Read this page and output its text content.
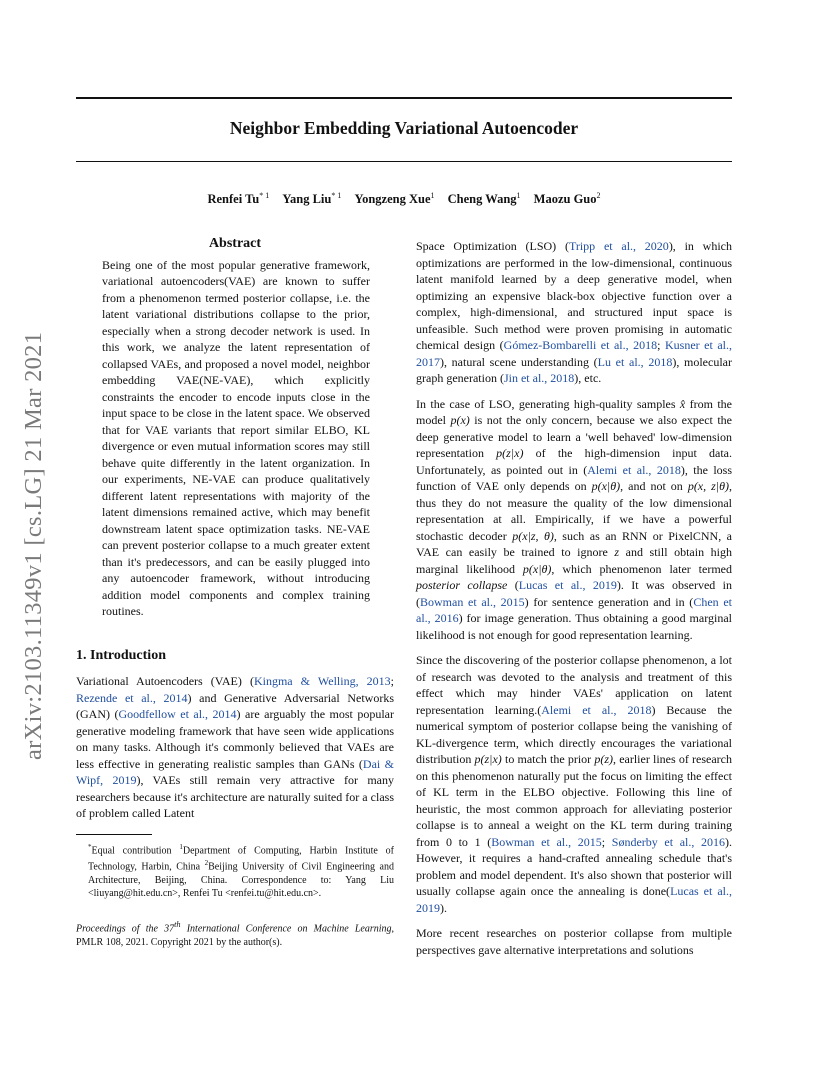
Neighbor Embedding Variational Autoencoder
Renfei Tu$^{* 1}$ Yang Liu$^{* 1}$ Yongzeng Xue$^1$ Cheng Wang$^1$ Maozu Guo$^2$
arXiv:2103.11349v1 [cs.LG] 21 Mar 2021
Abstract
Being one of the most popular generative framework, variational autoencoders(VAE) are known to suffer from a phenomenon termed posterior collapse, i.e. the latent variational distributions collapse to the prior, especially when a strong decoder network is used. In this work, we analyze the latent representation of collapsed VAEs, and proposed a novel model, neighbor embedding VAE(NE-VAE), which explicitly constraints the encoder to encode inputs close in the input space to be close in the latent space. We observed that for VAE variants that report similar ELBO, KL divergence or even mutual information scores may still behave quite differently in the latent organization. In our experiments, NE-VAE can produce qualitatively different latent representations with majority of the latent dimensions remained active, which may benefit downstream latent space optimization tasks. NE-VAE can prevent posterior collapse to a much greater extent than it's predecessors, and can be easily plugged into any autoencoder framework, without introducing addition model components and complex training routines.
1. Introduction

Variational Autoencoders (VAE) (Kingma & Welling, 2013; Rezende et al., 2014) and Generative Adversarial Networks (GAN) (Goodfellow et al., 2014) are arguably the most popular generative modeling framework that have seen wide applications on many tasks. Although it's commonly believed that VAEs are less effective in generating realistic samples than GANs (Dai & Wipf, 2019), VAEs still remain very attractive for many researchers because it's architecture are naturally suited for a class of problem called Latent

*Equal contribution $^1$Department of Computing, Harbin Institute of Technology, Harbin, China $^2$Beijing University of Civil Engineering and Architecture, Beijing, China. Correspondence to: Yang Liu <liuyang@hit.edu.cn>, Renfei Tu <renfei.tu@hit.edu.cn>.

Proceedings of the 37th International Conference on Machine Learning, PMLR 108, 2021. Copyright 2021 by the author(s).

Space Optimization (LSO) (Tripp et al., 2020), in which optimizations are performed in the low-dimensional, continuous latent manifold learned by a deep generative model, when optimizing an expensive black-box objective function over a complex, high-dimensional, and structured input space is unfeasible. Such method were proven promising in automatic chemical design (Gómez-Bombarelli et al., 2018; Kusner et al., 2017), natural scene understanding (Lu et al., 2018), molecular graph generation (Jin et al., 2018), etc.

In the case of LSO, generating high-quality samples x̂ from the model p(x) is not the only concern, because we also expect the deep generative model to learn a 'well behaved' low-dimension representation p(z|x) of the high-dimension input data. Unfortunately, as pointed out in (Alemi et al., 2018), the loss function of VAE only depends on p(x|θ), and not on p(x, z|θ), thus they do not measure the quality of the low dimensional representation at all. Empirically, if we have a powerful stochastic decoder p(x|z, θ), such as an RNN or PixelCNN, a VAE can easily be trained to ignore z and still obtain high marginal likelihood p(x|θ), which phenomenon later termed posterior collapse (Lucas et al., 2019). It was observed in (Bowman et al., 2015) for sentence generation and in (Chen et al., 2016) for image generation. Thus obtaining a good marginal likelihood is not enough for good representation learning.

Since the discovering of the posterior collapse phenomenon, a lot of research was devoted to the analysis and treatment of this effect which may hinder VAEs' application on latent representation learning.(Alemi et al., 2018) Because the numerical symptom of posterior collapse being the vanishing of KL-divergence term, which directly encourages the variational distribution p(z|x) to match the prior p(z), earlier lines of research on this phenomenon naturally put the focus on limiting the effect of KL term in the ELBO objective. Following this line of heuristic, the most common approach for alleviating posterior collapse is to anneal a weight on the KL term during training from 0 to 1 (Bowman et al., 2015; Sønderby et al., 2016). However, it requires a hand-crafted annealing schedule that's problem and model dependent. It's also shown that posterior will usually collapse again once the annealing is done(Lucas et al., 2019).

More recent researches on posterior collapse from multiple perspectives gave alternative interpretations and solutions
